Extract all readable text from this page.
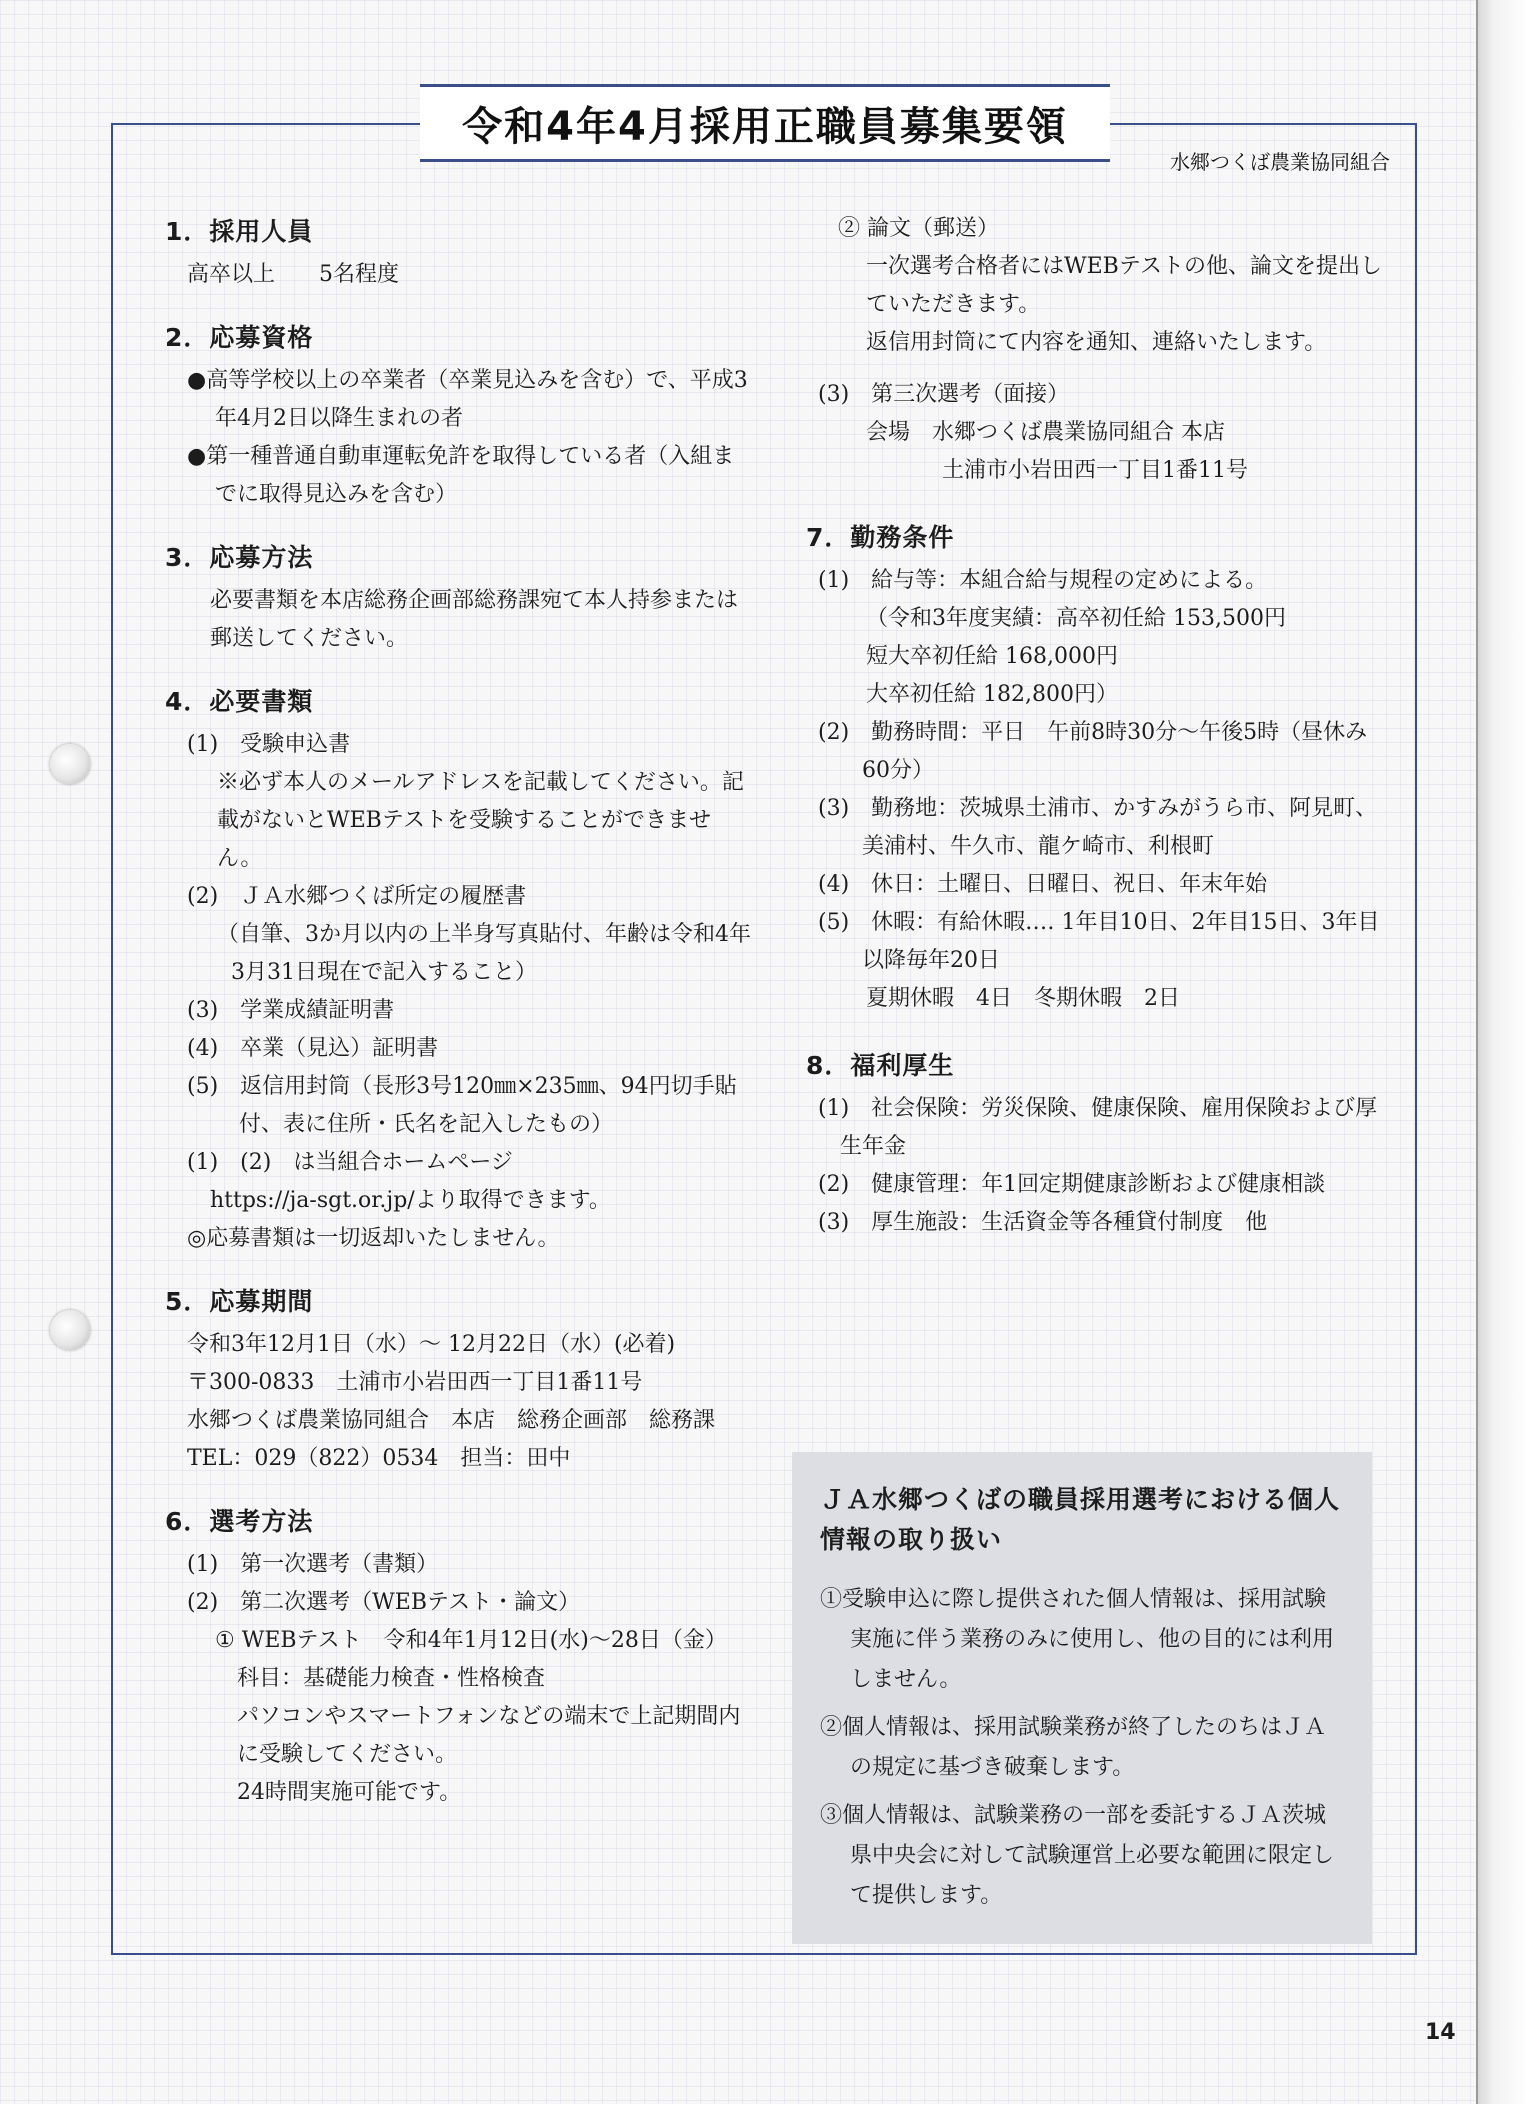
令和4年4月採用正職員募集要領
水郷つくば農業協同組合
1．採用人員

高卒以上　　5名程度

2．応募資格

●高等学校以上の卒業者（卒業見込みを含む）で、平成3年4月2日以降生まれの者

●第一種普通自動車運転免許を取得している者（入組までに取得見込みを含む）

3．応募方法

必要書類を本店総務企画部総務課宛て本人持参または郵送してください。

4．必要書類

(1)　受験申込書

※必ず本人のメールアドレスを記載してください。記載がないとWEBテストを受験することができません。

(2)　ＪＡ水郷つくば所定の履歴書

（自筆、3か月以内の上半身写真貼付、年齢は令和4年3月31日現在で記入すること）

(3)　学業成績証明書

(4)　卒業（見込）証明書

(5)　返信用封筒（長形3号120㎜×235㎜、94円切手貼付、表に住所・氏名を記入したもの）

(1)　(2)　は当組合ホームページ

https://ja-sgt.or.jp/より取得できます。

◎応募書類は一切返却いたしません。

5．応募期間

令和3年12月1日（水）～ 12月22日（水）(必着)

〒300-0833　土浦市小岩田西一丁目1番11号

水郷つくば農業協同組合　本店　総務企画部　総務課

TEL：029（822）0534　担当：田中

6．選考方法

(1)　第一次選考（書類）

(2)　第二次選考（WEBテスト・論文）

① WEBテスト　令和4年1月12日(水)～28日（金）

科目：基礎能力検査・性格検査

パソコンやスマートフォンなどの端末で上記期間内に受験してください。

24時間実施可能です。

② 論文（郵送）

一次選考合格者にはWEBテストの他、論文を提出していただきます。

返信用封筒にて内容を通知、連絡いたします。

(3)　第三次選考（面接）

会場　水郷つくば農業協同組合 本店

土浦市小岩田西一丁目1番11号

7．勤務条件

(1)　給与等：本組合給与規程の定めによる。

（令和3年度実績：高卒初任給 153,500円

短大卒初任給 168,000円

大卒初任給 182,800円）

(2)　勤務時間：平日　午前8時30分～午後5時（昼休み60分）

(3)　勤務地：茨城県土浦市、かすみがうら市、阿見町、美浦村、牛久市、龍ケ崎市、利根町

(4)　休日：土曜日、日曜日、祝日、年末年始

(5)　休暇：有給休暇‥‥ 1年目10日、2年目15日、3年目以降毎年20日

夏期休暇　4日　冬期休暇　2日

8．福利厚生

(1)　社会保険：労災保険、健康保険、雇用保険および厚生年金

(2)　健康管理：年1回定期健康診断および健康相談

(3)　厚生施設：生活資金等各種貸付制度　他

ＪＡ水郷つくばの職員採用選考における個人情報の取り扱い
①受験申込に際し提供された個人情報は、採用試験実施に伴う業務のみに使用し、他の目的には利用しません。
②個人情報は、採用試験業務が終了したのちはＪＡの規定に基づき破棄します。
③個人情報は、試験業務の一部を委託するＪＡ茨城県中央会に対して試験運営上必要な範囲に限定して提供します。
14
